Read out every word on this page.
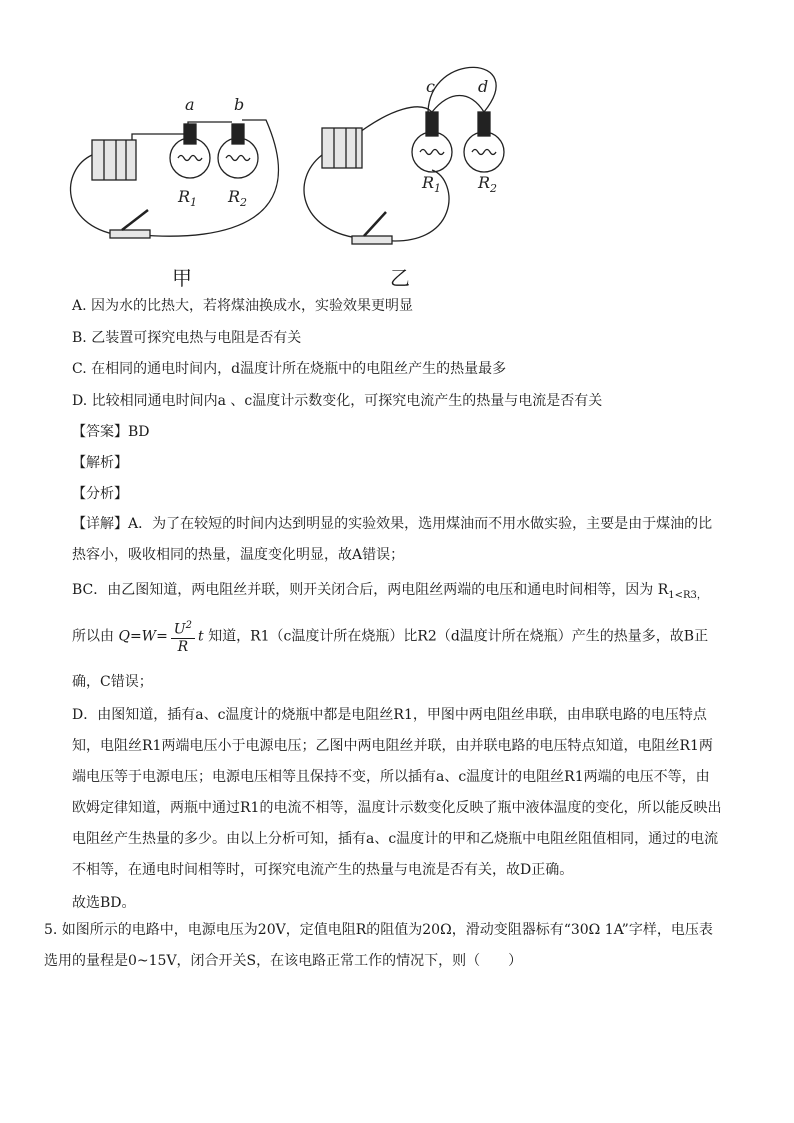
a b
c	d
$R_1$ $R_2$
$R_1$ $R_2$
甲	乙
A. 因为水的比热大，若将煤油换成水，实验效果更明显
B. 乙装置可探究电热与电阻是否有关
C. 在相同的通电时间内，d温度计所在烧瓶中的电阻丝产生的热量最多
D. 比较相同通电时间内a 、c温度计示数变化，可探究电流产生的热量与电流是否有关
【答案】BD
【解析】
【分析】
【详解】A．为了在较短的时间内达到明显的实验效果，选用煤油而不用水做实验，主要是由于煤油的比热容小，吸收相同的热量，温度变化明显，故A错误；
BC．由乙图知道，两电阻丝并联，则开关闭合后，两电阻丝两端的电压和通电时间相等，因为 $R_{1<R3,}$
所以由 $Q=W= \frac{U^2}{R}$ t 知道，R1（c温度计所在烧瓶）比R2（d温度计所在烧瓶）产生的热量多，故B正
确，C错误；
D．由图知道，插有a、c温度计的烧瓶中都是电阻丝R1，甲图中两电阻丝串联，由串联电路的电压特点知，电阻丝R1两端电压小于电源电压；乙图中两电阻丝并联，由并联电路的电压特点知道，电阻丝R1两端电压等于电源电压；电源电压相等且保持不变，所以插有a、c温度计的电阻丝R1两端的电压不等，由欧姆定律知道，两瓶中通过R1的电流不相等，温度计示数变化反映了瓶中液体温度的变化，所以能反映出电阻丝产生热量的多少。由以上分析可知，插有a、c温度计的甲和乙烧瓶中电阻丝阻值相同，通过的电流不相等，在通电时间相等时，可探究电流产生的热量与电流是否有关，故D正确。
故选BD。
5. 如图所示的电路中，电源电压为20V，定值电阻R的阻值为20Ω，滑动变阻器标有“30Ω 1A”字样，电压表选用的量程是0~15V，闭合开关S，在该电路正常工作的情况下，则（　　）
